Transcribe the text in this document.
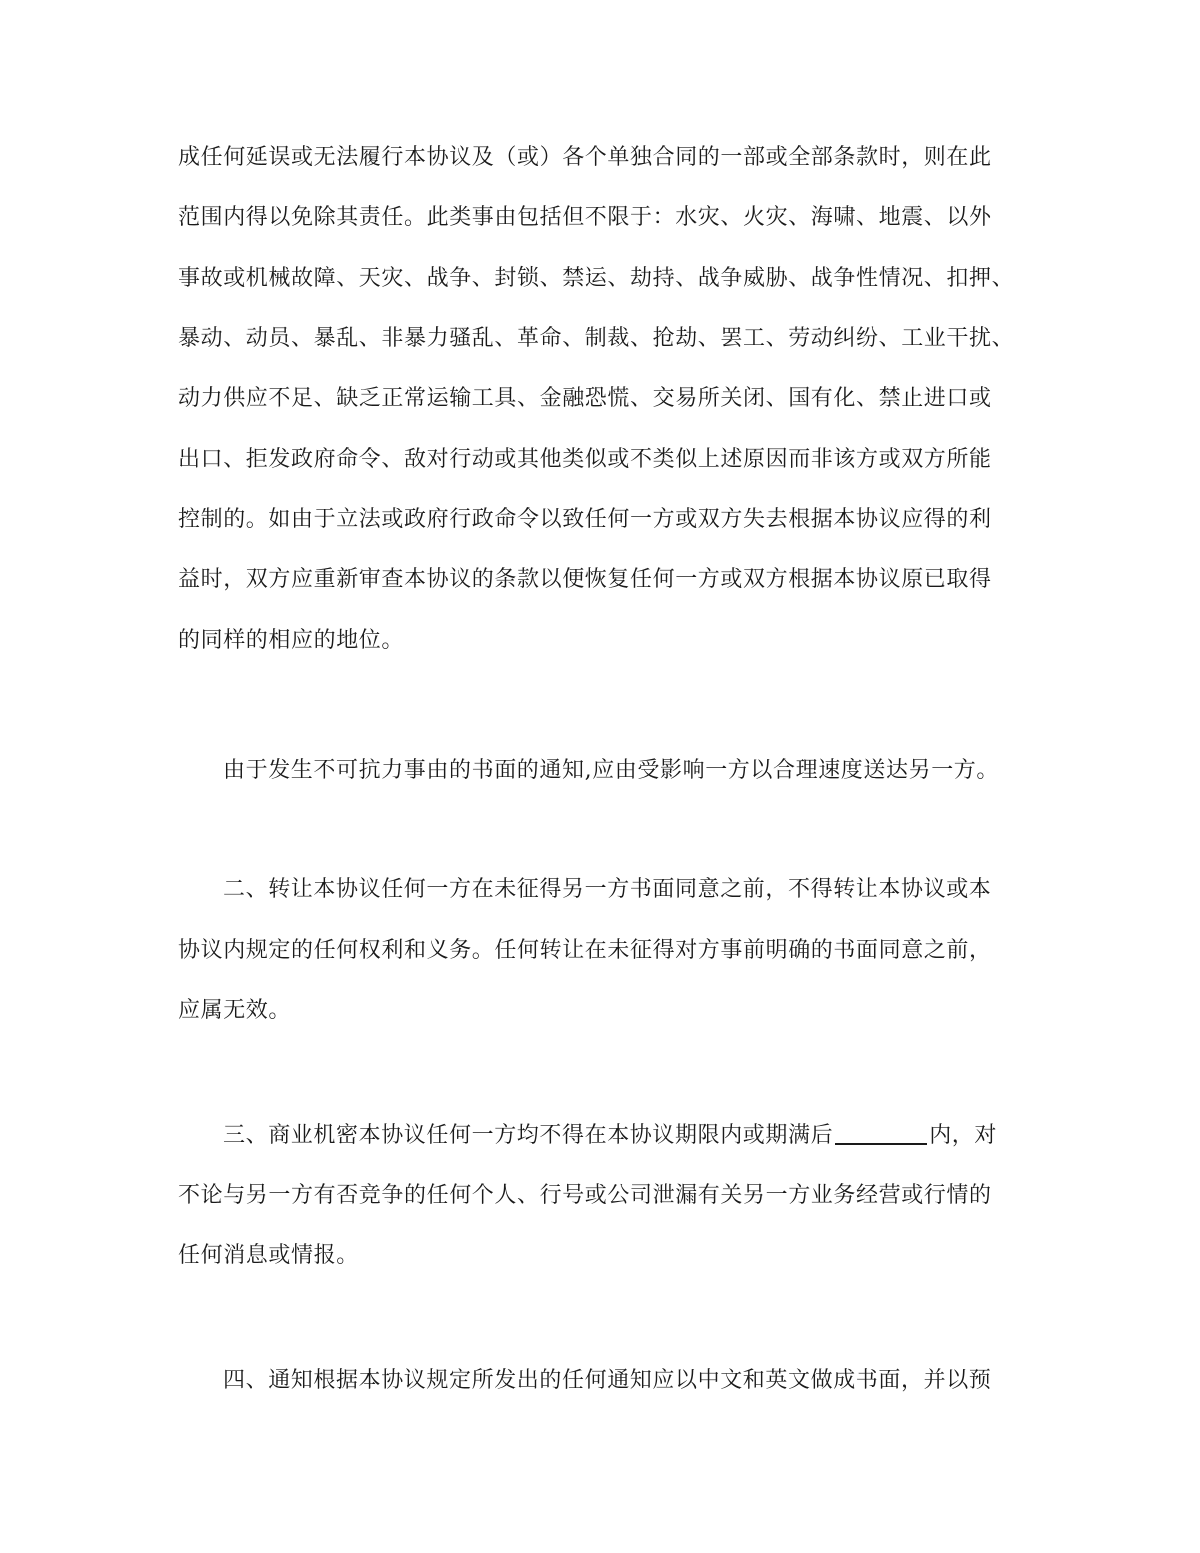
成任何延误或无法履行本协议及（或）各个单独合同的一部或全部条款时，则在此
范围内得以免除其责任。此类事由包括但不限于：水灾、火灾、海啸、地震、以外
事故或机械故障、天灾、战争、封锁、禁运、劫持、战争威胁、战争性情况、扣押、
暴动、动员、暴乱、非暴力骚乱、革命、制裁、抢劫、罢工、劳动纠纷、工业干扰、
动力供应不足、缺乏正常运输工具、金融恐慌、交易所关闭、国有化、禁止进口或
出口、拒发政府命令、敌对行动或其他类似或不类似上述原因而非该方或双方所能
控制的。如由于立法或政府行政命令以致任何一方或双方失去根据本协议应得的利
益时，双方应重新审查本协议的条款以便恢复任何一方或双方根据本协议原已取得
的同样的相应的地位。
由于发生不可抗力事由的书面的通知,应由受影响一方以合理速度送达另一方。
二、转让本协议任何一方在未征得另一方书面同意之前，不得转让本协议或本
协议内规定的任何权利和义务。任何转让在未征得对方事前明确的书面同意之前，
应属无效。
三、商业机密本协议任何一方均不得在本协议期限内或期满后	内，对
不论与另一方有否竞争的任何个人、行号或公司泄漏有关另一方业务经营或行情的
任何消息或情报。
四、通知根据本协议规定所发出的任何通知应以中文和英文做成书面，并以预
